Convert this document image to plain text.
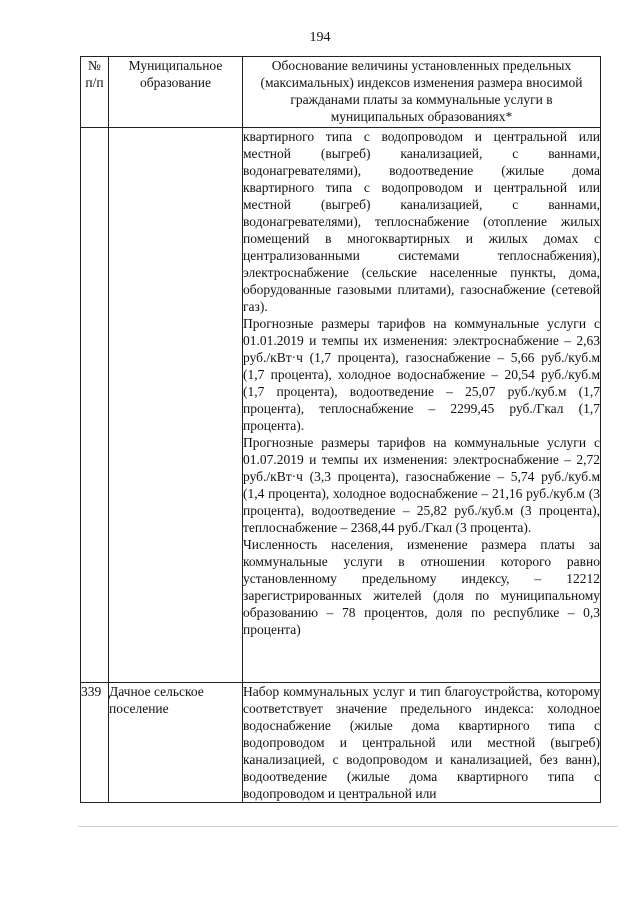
194
№ п/п	Муниципальное образование	Обоснование величины установленных предельных (максимальных) индексов изменения размера вносимой гражданами платы за коммунальные услуги в муниципальных образованиях*

		квартирного типа с водопроводом и центральной или местной (выгреб) канализацией, с ваннами, водонагревателями), водоотведение (жилые дома квартирного типа с водопроводом и центральной или местной (выгреб) канализацией, с ваннами, водонагревателями), теплоснабжение (отопление жилых помещений в многоквартирных и жилых домах с централизованными системами теплоснабжения), электроснабжение (сельские населенные пункты, дома, оборудованные газовыми плитами), газоснабжение (сетевой газ).

Прогнозные размеры тарифов на коммунальные услуги с 01.01.2019 и темпы их изменения: электроснабжение – 2,63 руб./кВт·ч (1,7 процента), газоснабжение – 5,66 руб./куб.м (1,7 процента), холодное водоснабжение – 20,54 руб./куб.м (1,7 процента), водоотведение – 25,07 руб./куб.м (1,7 процента), теплоснабжение – 2299,45 руб./Гкал (1,7 процента).

Прогнозные размеры тарифов на коммунальные услуги с 01.07.2019 и темпы их изменения: электроснабжение – 2,72 руб./кВт·ч (3,3 процента), газоснабжение – 5,74 руб./куб.м (1,4 процента), холодное водоснабжение – 21,16 руб./куб.м (3 процента), водоотведение – 25,82 руб./куб.м (3 процента), теплоснабжение – 2368,44 руб./Гкал (3 процента).

Численность населения, изменение размера платы за коммунальные услуги в отношении которого равно установленному предельному индексу, – 12212 зарегистрированных жителей (доля по муниципальному образованию – 78 процентов, доля по республике – 0,3 процента)

339	Дачное сельское поселение	Набор коммунальных услуг и тип благоустройства, которому соответствует значение предельного индекса: холодное водоснабжение (жилые дома квартирного типа с водопроводом и центральной или местной (выгреб) канализацией, с водопроводом и канализацией, без ванн), водоотведение (жилые дома квартирного типа с водопроводом и центральной или
